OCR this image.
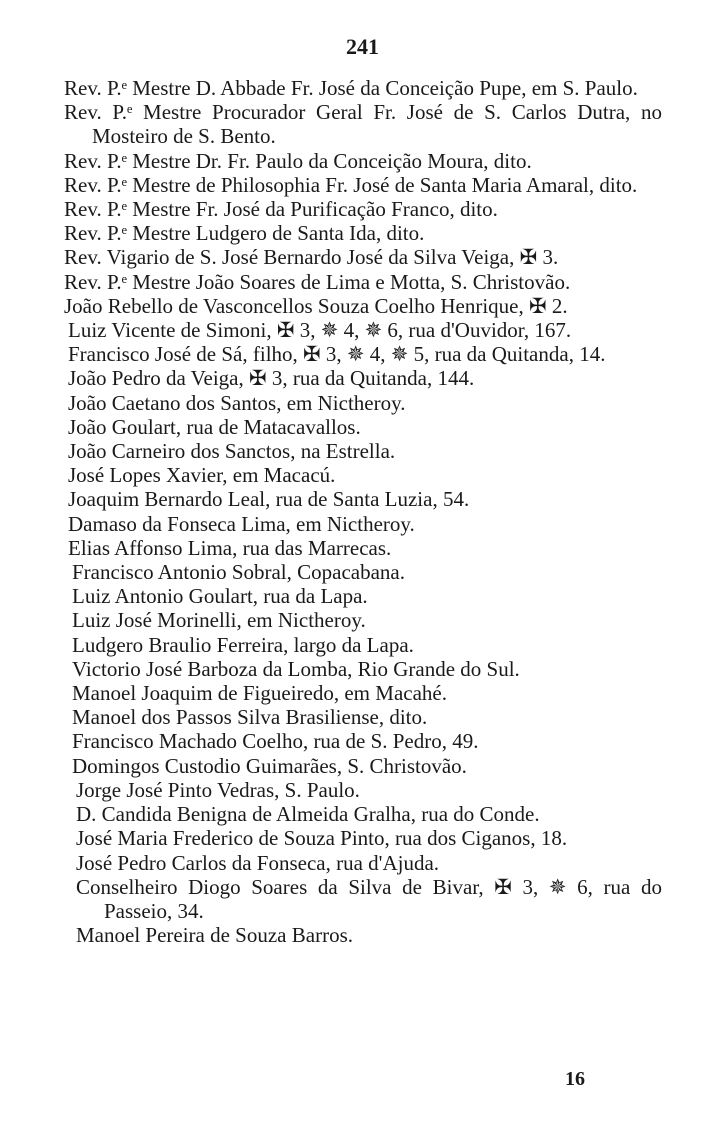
241

Rev. P.ᵉ Mestre D. Abbade Fr. José da Conceição Pupe, em S. Paulo.

Rev. P.ᵉ Mestre Procurador Geral Fr. José de S. Carlos Dutra, no Mosteiro de S. Bento.

Rev. P.ᵉ Mestre Dr. Fr. Paulo da Conceição Moura, dito.

Rev. P.ᵉ Mestre de Philosophia Fr. José de Santa Maria Amaral, dito.

Rev. P.ᵉ Mestre Fr. José da Purificação Franco, dito.

Rev. P.ᵉ Mestre Ludgero de Santa Ida, dito.

Rev. Vigario de S. José Bernardo José da Silva Veiga, ✠ 3.

Rev. P.ᵉ Mestre João Soares de Lima e Motta, S. Christovão.

João Rebello de Vasconcellos Souza Coelho Henrique, ✠ 2.

Luiz Vicente de Simoni, ✠ 3, ✵ 4, ✵ 6, rua d'Ouvidor, 167.

Francisco José de Sá, filho, ✠ 3, ✵ 4, ✵ 5, rua da Quitanda, 14.

João Pedro da Veiga, ✠ 3, rua da Quitanda, 144.

João Caetano dos Santos, em Nictheroy.

João Goulart, rua de Matacavallos.

João Carneiro dos Sanctos, na Estrella.

José Lopes Xavier, em Macacú.

Joaquim Bernardo Leal, rua de Santa Luzia, 54.

Damaso da Fonseca Lima, em Nictheroy.

Elias Affonso Lima, rua das Marrecas.

Francisco Antonio Sobral, Copacabana.

Luiz Antonio Goulart, rua da Lapa.

Luiz José Morinelli, em Nictheroy.

Ludgero Braulio Ferreira, largo da Lapa.

Victorio José Barboza da Lomba, Rio Grande do Sul.

Manoel Joaquim de Figueiredo, em Macahé.

Manoel dos Passos Silva Brasiliense, dito.

Francisco Machado Coelho, rua de S. Pedro, 49.

Domingos Custodio Guimarães, S. Christovão.

Jorge José Pinto Vedras, S. Paulo.

D. Candida Benigna de Almeida Gralha, rua do Conde.

José Maria Frederico de Souza Pinto, rua dos Ciganos, 18.

José Pedro Carlos da Fonseca, rua d'Ajuda.

Conselheiro Diogo Soares da Silva de Bivar, ✠ 3, ✵ 6, rua do Passeio, 34.

Manoel Pereira de Souza Barros.

16
